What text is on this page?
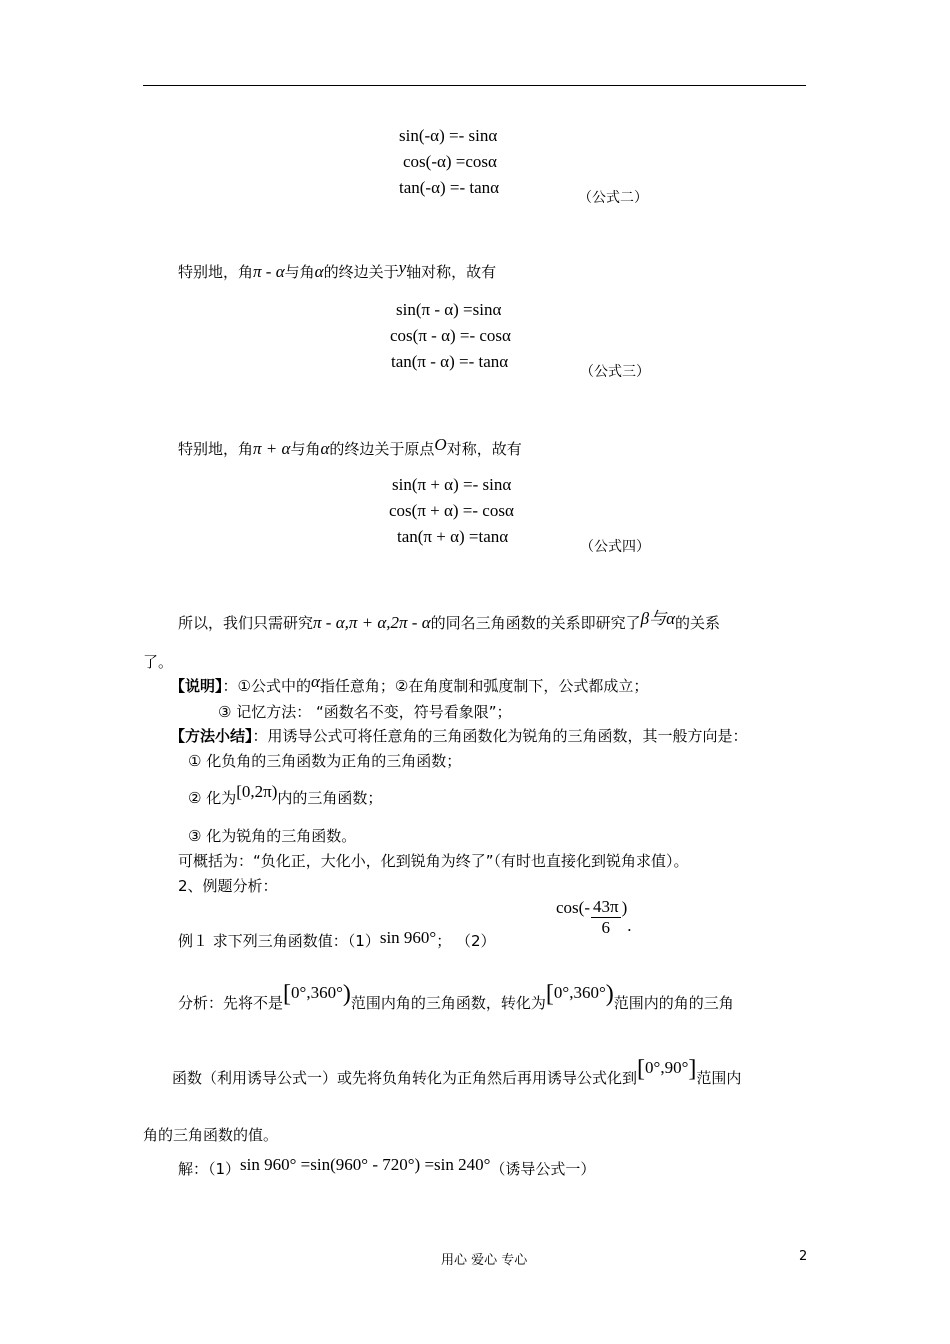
sin(-α) =- sinα
cos(-α) =cosα
tan(-α) =- tanα
（公式二）
特别地，角π - α与角α的终边关于y轴对称，故有
sin(π - α) =sinα
cos(π - α) =- cosα
tan(π - α) =- tanα
（公式三）
特别地，角π + α与角α的终边关于原点O对称，故有
sin(π + α) =- sinα
cos(π + α) =- cosα
tan(π + α) =tanα
（公式四）
所以，我们只需研究π - α,π + α,2π - α的同名三角函数的关系即研究了β与α的关系
了。
【说明】：①公式中的α指任意角；②在角度制和弧度制下，公式都成立；
③ 记忆方法： “函数名不变，符号看象限”；
【方法小结】：用诱导公式可将任意角的三角函数化为锐角的三角函数，其一般方向是：
① 化负角的三角函数为正角的三角函数；
② 化为[0,2π)内的三角函数；
③ 化为锐角的三角函数。
可概括为：“负化正，大化小，化到锐角为终了”（有时也直接化到锐角求值）。
2、例题分析：
例１ 求下列三角函数值：（1）sin 960°； （2）
$\cos(- \frac{43\pi}{6}$ ).
分析：先将不是[0°,360°)范围内角的三角函数，转化为[0°,360°)范围内的角的三角
函数（利用诱导公式一）或先将负角转化为正角然后再用诱导公式化到[0°,90°]范围内
角的三角函数的值。
解：（1）sin 960° =sin(960° - 720°) =sin 240°（诱导公式一）
用心 爱心 专心	2
